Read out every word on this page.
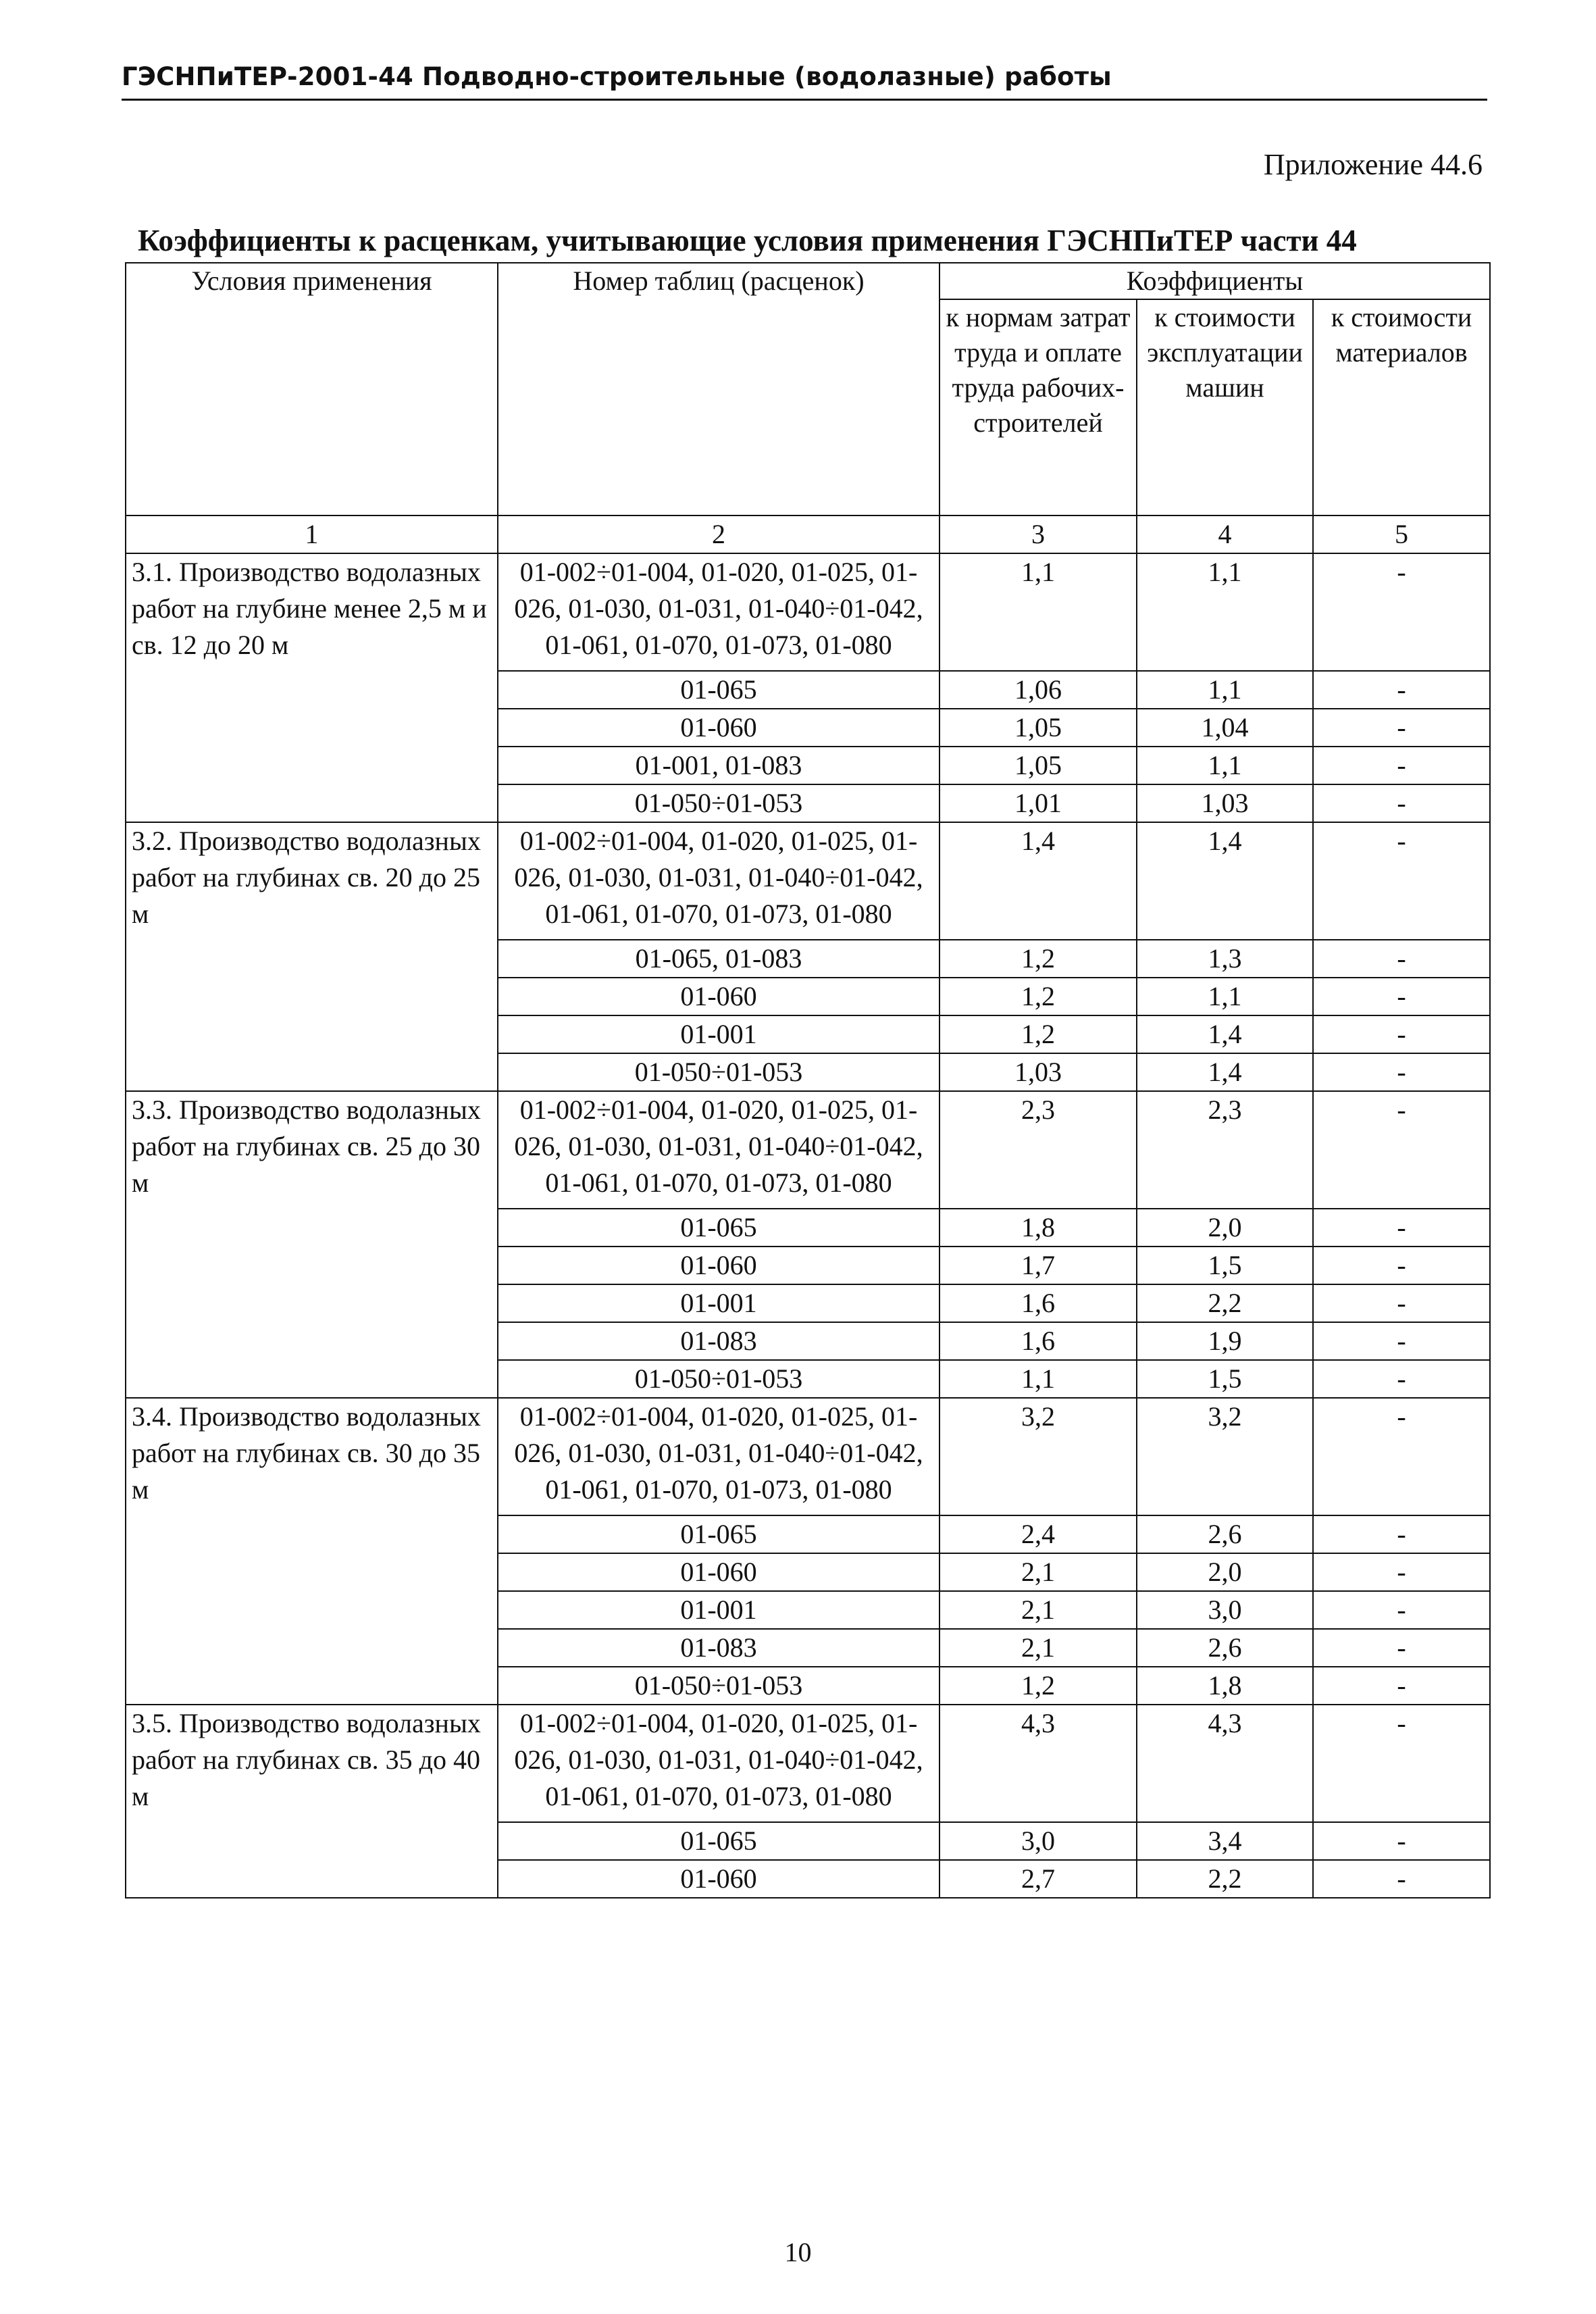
ГЭСНПиТЕР-2001-44 Подводно-строительные (водолазные) работы
Приложение 44.6
Коэффициенты к расценкам, учитывающие условия применения ГЭСНПиТЕР части 44
Условия применения	Номер таблиц (расценок)	Коэффициенты		
		к нормам затрат труда и оплате труда рабочих-строителей	к стоимости эксплуатации машин	к стоимости материалов
1	2	3	4	5
3.1. Производство водолазных работ на глубине менее 2,5 м и св. 12 до 20 м	01-002÷01-004, 01-020, 01-025, 01-026, 01-030, 01-031, 01-040÷01-042, 01-061, 01-070, 01-073, 01-080	1,1	1,1	-
	01-065	1,06	1,1	-
	01-060	1,05	1,04	-
	01-001, 01-083	1,05	1,1	-
	01-050÷01-053	1,01	1,03	-
3.2. Производство водолазных работ на глубинах св. 20 до 25 м	01-002÷01-004, 01-020, 01-025, 01-026, 01-030, 01-031, 01-040÷01-042, 01-061, 01-070, 01-073, 01-080	1,4	1,4	-
	01-065, 01-083	1,2	1,3	-
	01-060	1,2	1,1	-
	01-001	1,2	1,4	-
	01-050÷01-053	1,03	1,4	-
3.3. Производство водолазных работ на глубинах св. 25 до 30 м	01-002÷01-004, 01-020, 01-025, 01-026, 01-030, 01-031, 01-040÷01-042, 01-061, 01-070, 01-073, 01-080	2,3	2,3	-
	01-065	1,8	2,0	-
	01-060	1,7	1,5	-
	01-001	1,6	2,2	-
	01-083	1,6	1,9	-
	01-050÷01-053	1,1	1,5	-
3.4. Производство водолазных работ на глубинах св. 30 до 35 м	01-002÷01-004, 01-020, 01-025, 01-026, 01-030, 01-031, 01-040÷01-042, 01-061, 01-070, 01-073, 01-080	3,2	3,2	-
	01-065	2,4	2,6	-
	01-060	2,1	2,0	-
	01-001	2,1	3,0	-
	01-083	2,1	2,6	-
	01-050÷01-053	1,2	1,8	-
3.5. Производство водолазных работ на глубинах св. 35 до 40 м	01-002÷01-004, 01-020, 01-025, 01-026, 01-030, 01-031, 01-040÷01-042, 01-061, 01-070, 01-073, 01-080	4,3	4,3	-
	01-065	3,0	3,4	-
	01-060	2,7	2,2	-
10
